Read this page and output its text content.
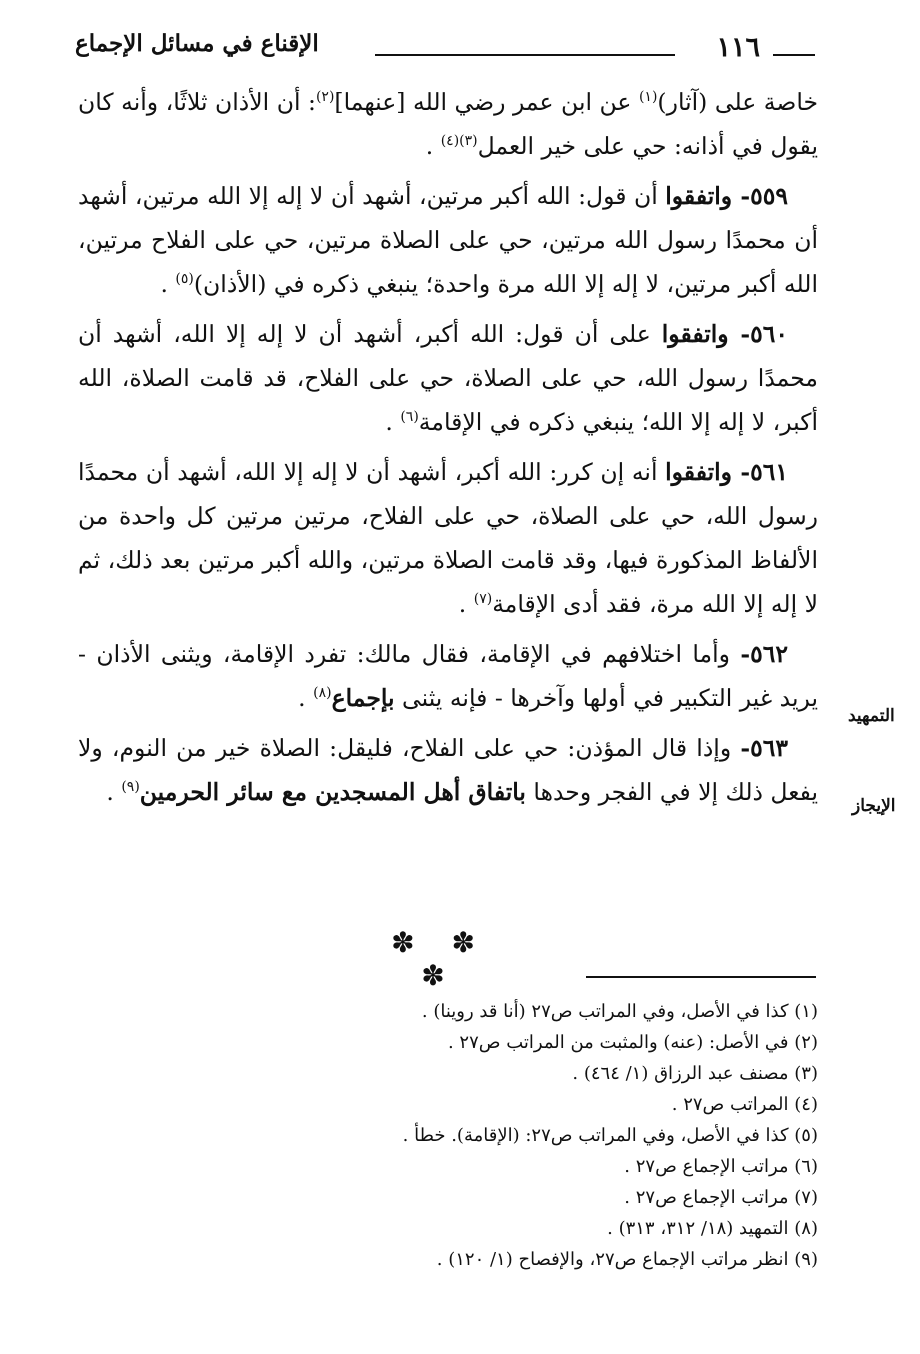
١١٦
الإقناع في مسائل الإجماع

خاصة على (آثار)$^{(١)}$ عن ابن عمر رضي الله [عنهما]$^{(٢)}$: أن الأذان ثلاثًا، وأنه كان يقول في أذانه: حي على خير العمل$^{(٣)(٤)}$ .

٥٥٩- واتفقوا أن قول: الله أكبر مرتين، أشهد أن لا إله إلا الله مرتين، أشهد أن محمدًا رسول الله مرتين، حي على الصلاة مرتين، حي على الفلاح مرتين، الله أكبر مرتين، لا إله إلا الله مرة واحدة؛ ينبغي ذكره في (الأذان)$^{(٥)}$ .

٥٦٠- واتفقوا على أن قول: الله أكبر، أشهد أن لا إله إلا الله، أشهد أن محمدًا رسول الله، حي على الصلاة، حي على الفلاح، قد قامت الصلاة، الله أكبر، لا إله إلا الله؛ ينبغي ذكره في الإقامة$^{(٦)}$ .

٥٦١- واتفقوا أنه إن كرر: الله أكبر، أشهد أن لا إله إلا الله، أشهد أن محمدًا رسول الله، حي على الصلاة، حي على الفلاح، مرتين مرتين كل واحدة من الألفاظ المذكورة فيها، وقد قامت الصلاة مرتين، والله أكبر مرتين بعد ذلك، ثم لا إله إلا الله مرة، فقد أدى الإقامة$^{(٧)}$ .

٥٦٢- وأما اختلافهم في الإقامة، فقال مالك: تفرد الإقامة، ويثنى الأذان - يريد غير التكبير في أولها وآخرها - فإنه يثنى بإجماع$^{(٨)}$ .

٥٦٣- وإذا قال المؤذن: حي على الفلاح، فليقل: الصلاة خير من النوم، ولا يفعل ذلك إلا في الفجر وحدها باتفاق أهل المسجدين مع سائر الحرمين$^{(٩)}$ .

التمهيد
الإيجاز
✽ ✽ ✽
(١) كذا في الأصل، وفي المراتب ص٢٧ (أنا قد روينا) .
(٢) في الأصل: (عنه) والمثبت من المراتب ص٢٧ .
(٣) مصنف عبد الرزاق (١/ ٤٦٤) .
(٤) المراتب ص٢٧ .
(٥) كذا في الأصل، وفي المراتب ص٢٧: (الإقامة). خطأ .
(٦) مراتب الإجماع ص٢٧ .
(٧) مراتب الإجماع ص٢٧ .
(٨) التمهيد (١٨/ ٣١٢، ٣١٣) .
(٩) انظر مراتب الإجماع ص٢٧، والإفصاح (١/ ١٢٠) .
